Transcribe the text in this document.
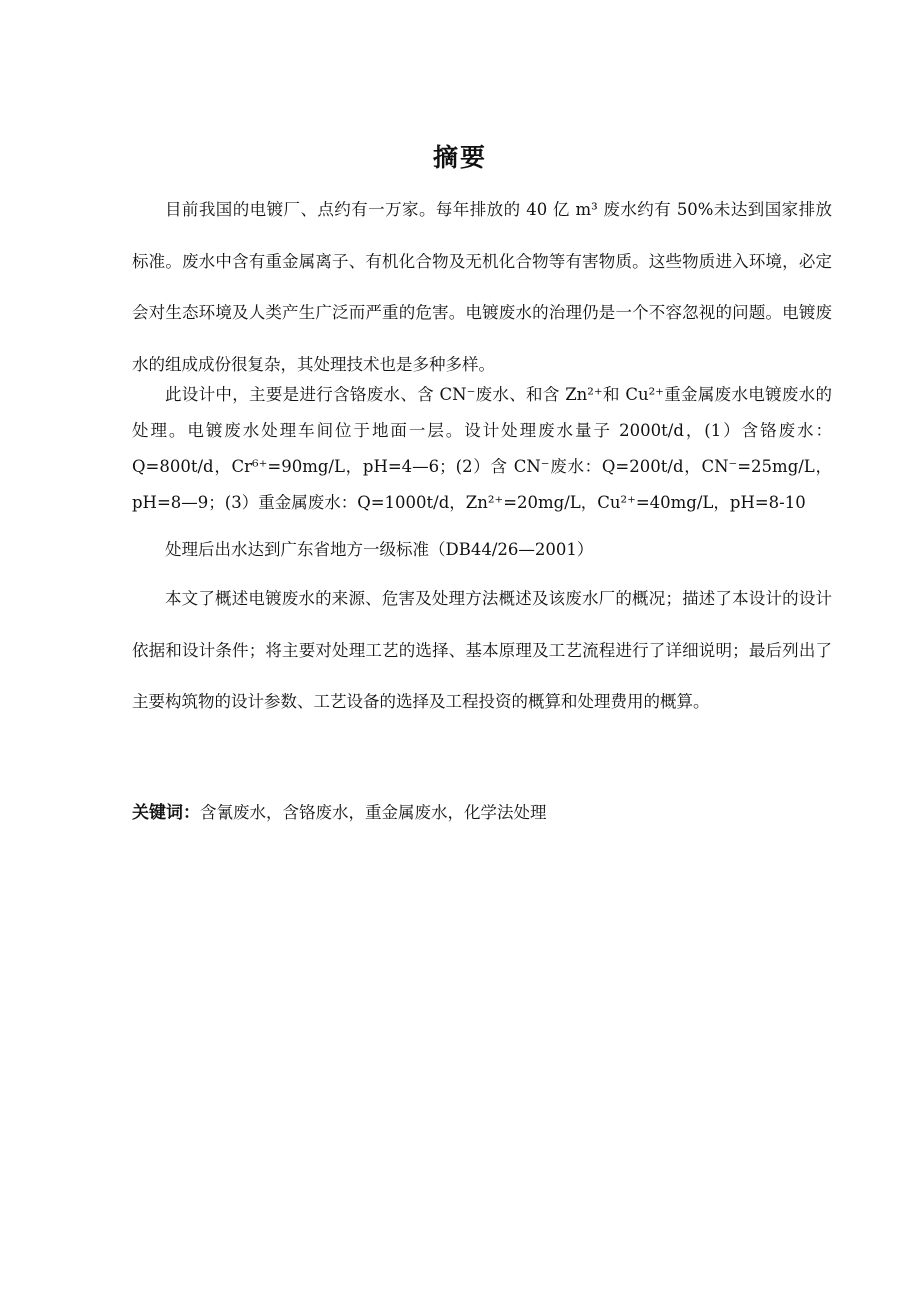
摘要

目前我国的电镀厂、点约有一万家。每年排放的 40 亿 m³ 废水约有 50%未达到国家排放标准。废水中含有重金属离子、有机化合物及无机化合物等有害物质。这些物质进入环境，必定会对生态环境及人类产生广泛而严重的危害。电镀废水的治理仍是一个不容忽视的问题。电镀废水的组成成份很复杂，其处理技术也是多种多样。

此设计中，主要是进行含铬废水、含 CN⁻废水、和含 Zn²⁺和 Cu²⁺重金属废水电镀废水的处理。电镀废水处理车间位于地面一层。设计处理废水量子 2000t/d，(1）含铬废水：Q=800t/d，Cr⁶⁺=90mg/L，pH=4—6；(2）含 CN⁻废水：Q=200t/d，CN⁻=25mg/L，pH=8—9；(3）重金属废水：Q=1000t/d，Zn²⁺=20mg/L，Cu²⁺=40mg/L，pH=8-10

处理后出水达到广东省地方一级标准（DB44/26—2001）

本文了概述电镀废水的来源、危害及处理方法概述及该废水厂的概况；描述了本设计的设计依据和设计条件；将主要对处理工艺的选择、基本原理及工艺流程进行了详细说明；最后列出了主要构筑物的设计参数、工艺设备的选择及工程投资的概算和处理费用的概算。

关键词：含氰废水，含铬废水，重金属废水，化学法处理
